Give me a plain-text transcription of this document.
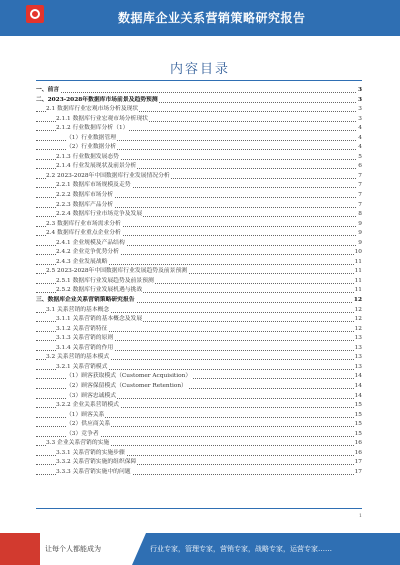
数据库企业关系营销策略研究报告
内容目录
一、前言	3
二、2023-2028年数据库市场前景及趋势预测	3
2.1 数据库行业宏观市场分析及现状	3
2.1.1 数据库行业宏观市场分析现状	3
2.1.2 行业数据库分析（1）	4
（1）行业数据管理	4
（2）行业数据分析	4
2.1.3 行业数据发展态势	5
2.1.4 行业发展现状及前景分析	6
2.2 2023-2028年中国数据库行业发展情况分析	7
2.2.1 数据库市场规模及走势	7
2.2.2 数据库市场分析	7
2.2.3 数据库产品分析	7
2.2.4 数据库行业市场竞争及发展	8
2.3 数据库行业市场需求分析	9
2.4 数据库行业重点企业分析	9
2.4.1 企业规模及产品结构	9
2.4.2 企业竞争优势分析	10
2.4.3 企业发展战略	11
2.5 2023-2028年中国数据库行业发展趋势及前景预测	11
2.5.1 数据库行业发展趋势及前景预测	11
2.5.2 数据库行业发展机遇与挑战	11
三、数据库企业关系营销策略研究报告	12
3.1 关系营销的基本概念	12
3.1.1 关系营销的基本概念及发展	12
3.1.2 关系营销特征	12
3.1.3 关系营销的原则	13
3.1.4 关系营销的作用	13
3.2 关系营销的基本模式	13
3.2.1 关系营销模式	13
（1）顾客获取模式（Customer Acquisition）	14
（2）顾客保留模式（Customer Retention）	14
（3）顾客忠诚模式	14
3.2.2 企业关系营销模式	15
（1）顾客关系	15
（2）供应商关系	15
（3）竞争者	15
3.3 企业关系营销的实施	16
3.3.1 关系营销的实施步骤	16
3.3.2 关系营销实施的组织保障	17
3.3.3 关系营销实施中的问题	17
1
让每个人都能成为	行业专家，管理专家，营销专家，战略专家，运营专家……
